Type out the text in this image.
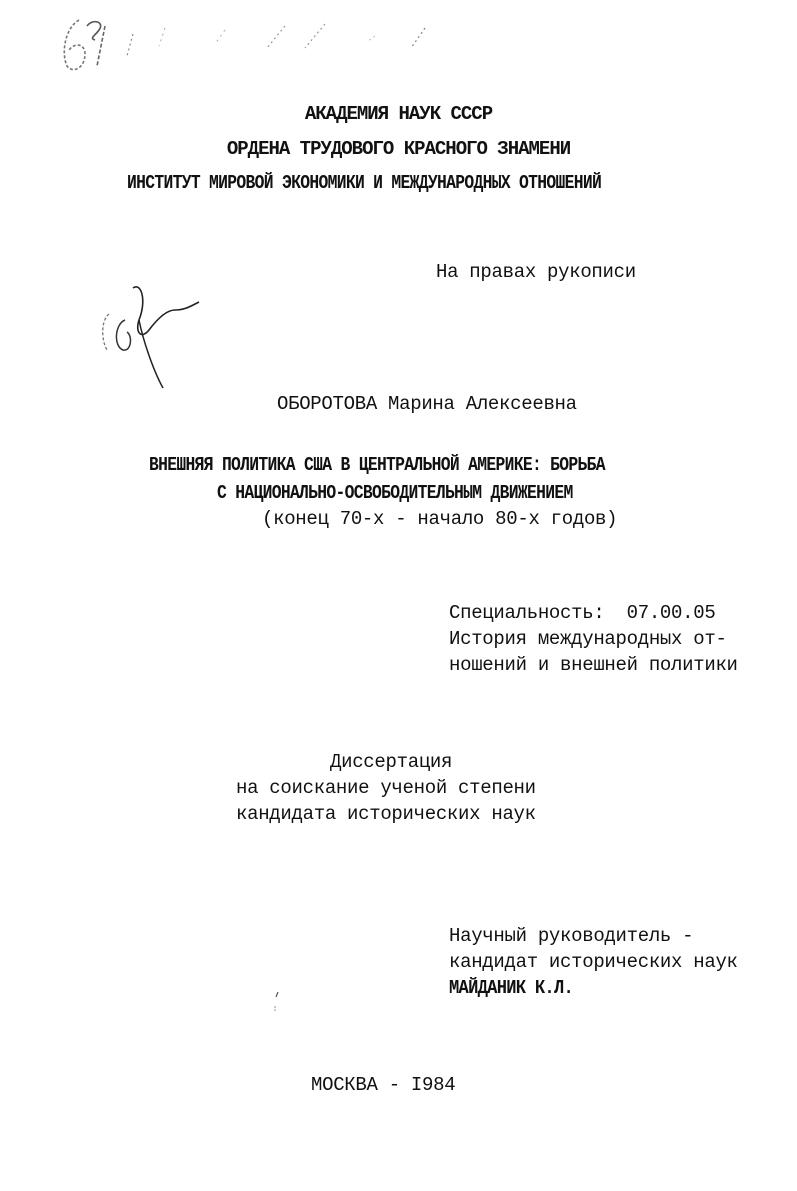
АКАДЕМИЯ НАУК СССР
ОРДЕНА ТРУДОВОГО КРАСНОГО ЗНАМЕНИ
ИНСТИТУТ МИРОВОЙ ЭКОНОМИКИ И МЕЖДУНАРОДНЫХ ОТНОШЕНИЙ
На правах рукописи
ОБОРОТОВА Марина Алексеевна
ВНЕШНЯЯ ПОЛИТИКА США В ЦЕНТРАЛЬНОЙ АМЕРИКЕ: БОРЬБА
С НАЦИОНАЛЬНО-ОСВОБОДИТЕЛЬНЫМ ДВИЖЕНИЕМ
(конец 70-х - начало 80-х годов)
Специальность:  07.00.05
История международных от-
ношений и внешней политики
Диссертация
на соискание ученой степени
кандидата исторических наук
Научный руководитель -
кандидат исторических наук
МАЙДАНИК К.Л.
МОСКВА - I984
